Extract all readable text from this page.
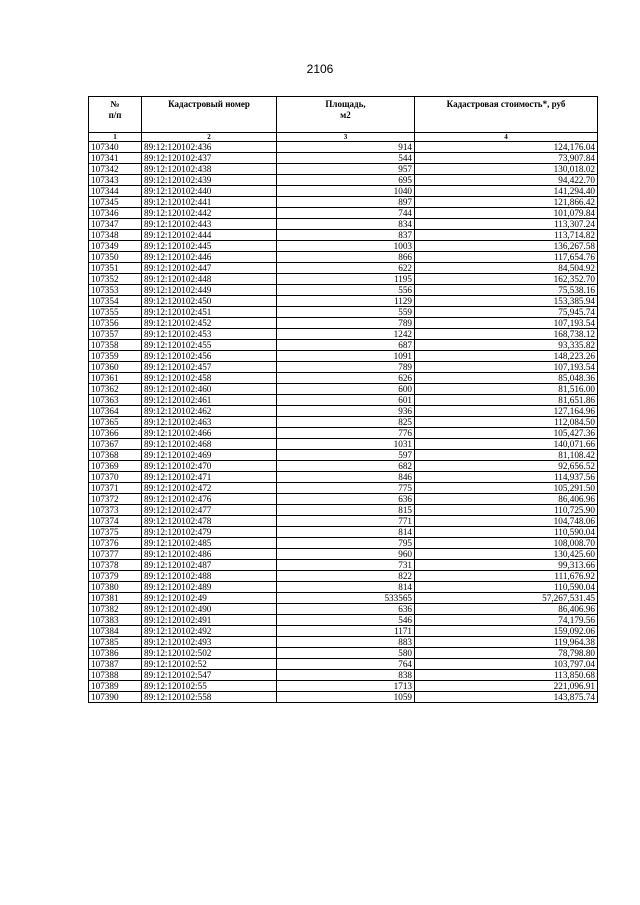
2106
№
п/п	Кадастровый номер	Площадь,
м2	Кадастровая стоимость*, руб
1	2	3	4
107340	89:12:120102:436	914	124,176.04
107341	89:12:120102:437	544	73,907.84
107342	89:12:120102:438	957	130,018.02
107343	89:12:120102:439	695	94,422.70
107344	89:12:120102:440	1040	141,294.40
107345	89:12:120102:441	897	121,866.42
107346	89:12:120102:442	744	101,079.84
107347	89:12:120102:443	834	113,307.24
107348	89:12:120102:444	837	113,714.82
107349	89:12:120102:445	1003	136,267.58
107350	89:12:120102:446	866	117,654.76
107351	89:12:120102:447	622	84,504.92
107352	89:12:120102:448	1195	162,352.70
107353	89:12:120102:449	556	75,538.16
107354	89:12:120102:450	1129	153,385.94
107355	89:12:120102:451	559	75,945.74
107356	89:12:120102:452	789	107,193.54
107357	89:12:120102:453	1242	168,738.12
107358	89:12:120102:455	687	93,335.82
107359	89:12:120102:456	1091	148,223.26
107360	89:12:120102:457	789	107,193.54
107361	89:12:120102:458	626	85,048.36
107362	89:12:120102:460	600	81,516.00
107363	89:12:120102:461	601	81,651.86
107364	89:12:120102:462	936	127,164.96
107365	89:12:120102:463	825	112,084.50
107366	89:12:120102:466	776	105,427.36
107367	89:12:120102:468	1031	140,071.66
107368	89:12:120102:469	597	81,108.42
107369	89:12:120102:470	682	92,656.52
107370	89:12:120102:471	846	114,937.56
107371	89:12:120102:472	775	105,291.50
107372	89:12:120102:476	636	86,406.96
107373	89:12:120102:477	815	110,725.90
107374	89:12:120102:478	771	104,748.06
107375	89:12:120102:479	814	110,590.04
107376	89:12:120102:485	795	108,008.70
107377	89:12:120102:486	960	130,425.60
107378	89:12:120102:487	731	99,313.66
107379	89:12:120102:488	822	111,676.92
107380	89:12:120102:489	814	110,590.04
107381	89:12:120102:49	533565	57,267,531.45
107382	89:12:120102:490	636	86,406.96
107383	89:12:120102:491	546	74,179.56
107384	89:12:120102:492	1171	159,092.06
107385	89:12:120102:493	883	119,964.38
107386	89:12:120102:502	580	78,798.80
107387	89:12:120102:52	764	103,797.04
107388	89:12:120102:547	838	113,850.68
107389	89:12:120102:55	1713	221,096.91
107390	89:12:120102:558	1059	143,875.74
